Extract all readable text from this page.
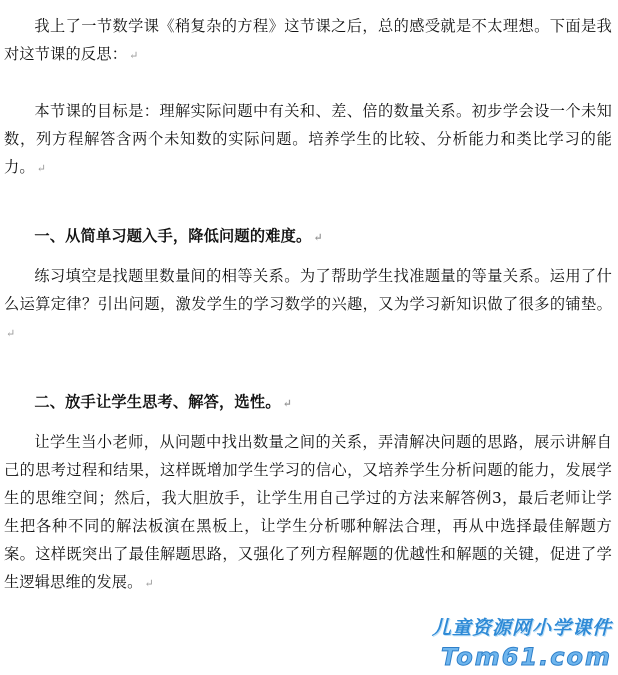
我上了一节数学课《稍复杂的方程》这节课之后，总的感受就是不太理想。下面是我对这节课的反思： ↵

本节课的目标是：理解实际问题中有关和、差、倍的数量关系。初步学会设一个未知数，列方程解答含两个未知数的实际问题。培养学生的比较、分析能力和类比学习的能力。 ↵

一、从简单习题入手，降低问题的难度。 ↵

练习填空是找题里数量间的相等关系。为了帮助学生找准题量的等量关系。运用了什么运算定律？引出问题，激发学生的学习数学的兴趣，又为学习新知识做了很多的铺垫。↵

二、放手让学生思考、解答，选性。 ↵

让学生当小老师，从问题中找出数量之间的关系，弄清解决问题的思路，展示讲解自己的思考过程和结果，这样既增加学生学习的信心，又培养学生分析问题的能力，发展学生的思维空间；然后，我大胆放手，让学生用自己学过的方法来解答例3，最后老师让学生把各种不同的解法板演在黑板上，让学生分析哪种解法合理，再从中选择最佳解题方案。这样既突出了最佳解题思路，又强化了列方程解题的优越性和解题的关键，促进了学生逻辑思维的发展。 ↵

儿童资源网小学课件
Tom61.com
